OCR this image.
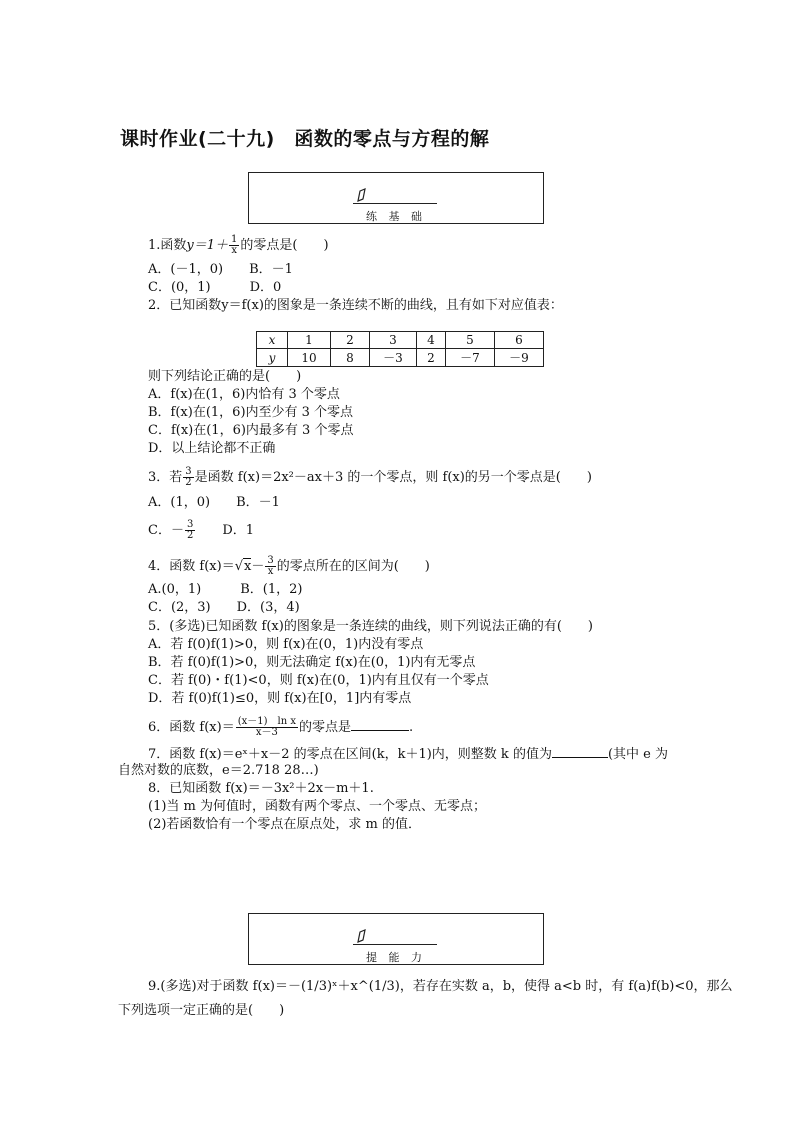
课时作业(二十九)　函数的零点与方程的解
练 基 础
1.函数$y=1+ \frac{1}{x}$ 的零点是(　　)
A．(－1，0)　　B．－1
C．(0，1)　　　D．0
2．已知函数y＝f(x)的图象是一条连续不断的曲线，且有如下对应值表：
x	1	2	3	4	5	6
y	10	8	－3	2	－7	－9
则下列结论正确的是(　　)
A．f(x)在(1，6)内恰有 3 个零点
B．f(x)在(1，6)内至少有 3 个零点
C．f(x)在(1，6)内最多有 3 个零点
D．以上结论都不正确
3．若 $\frac{3}{2}$ 是函数 f(x)＝2x²－ax＋3 的一个零点，则 f(x)的另一个零点是(　　)
A．(1，0)　　B．－1
C．－ $\frac{3}{2}$
　　 D．1
4．函数 $f(x)=√x- \frac{3}{x}$ 的零点所在的区间为(　　)
A.(0，1)　　　B．(1，2)
C．(2，3)　　D．(3，4)
5．(多选)已知函数 f(x)的图象是一条连续的曲线，则下列说法正确的有(　　)
A．若 f(0)f(1)>0，则 f(x)在(0，1)内没有零点
B．若 f(0)f(1)>0，则无法确定 f(x)在(0，1)内有无零点
C．若 f(0)・f(1)<0，则 f(x)在(0，1)内有且仅有一个零点
D．若 f(0)f(1)≤0，则 f(x)在[0，1]内有零点
6．函数 $f(x)= \frac{\text{(x－1)　ln x}}{x-3}$ 的零点是	.
7．函数 f(x)＝eˣ＋x－2 的零点在区间(k，k＋1)内，则整数 k 的值为	(其中 e 为
自然对数的底数，e＝2.718 28…)
8．已知函数 f(x)＝－3x²＋2x－m＋1.
(1)当 m 为何值时，函数有两个零点、一个零点、无零点；
(2)若函数恰有一个零点在原点处，求 m 的值．
提 能 力
9.(多选)对于函数 f(x)＝－(1/3)ˣ＋x^(1/3)，若存在实数 a，b，使得 a<b 时，有 f(a)f(b)<0，那么
下列选项一定正确的是(　　)
